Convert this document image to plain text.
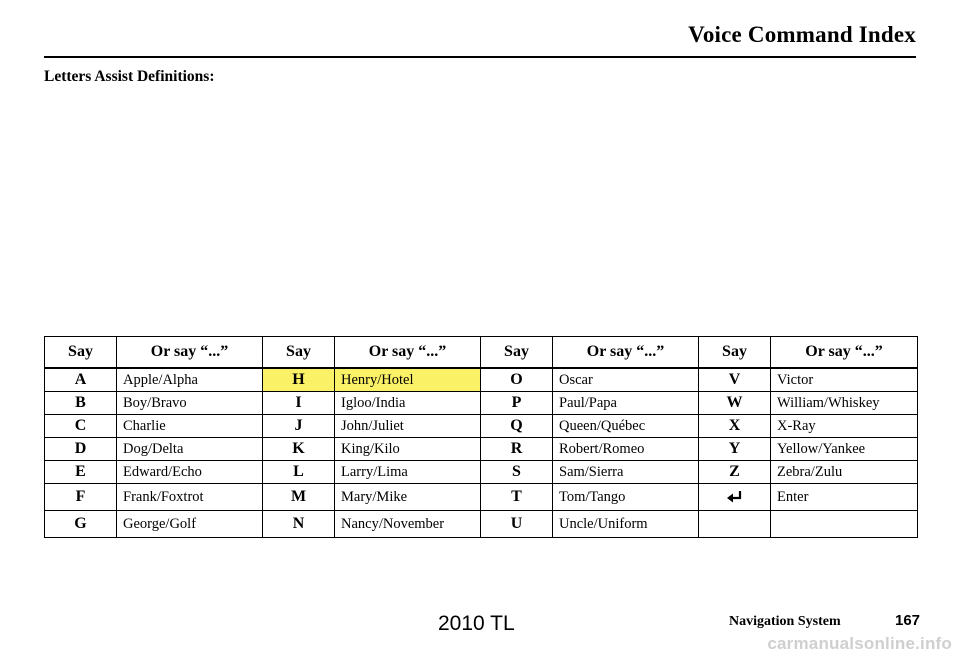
Voice Command Index
Letters Assist Definitions:
Say	Or say “...”	Say	Or say “...”	Say	Or say “...”	Say	Or say “...”
A	Apple/Alpha	H	Henry/Hotel	O	Oscar	V	Victor
B	Boy/Bravo	I	Igloo/India	P	Paul/Papa	W	William/Whiskey
C	Charlie	J	John/Juliet	Q	Queen/Québec	X	X-Ray
D	Dog/Delta	K	King/Kilo	R	Robert/Romeo	Y	Yellow/Yankee
E	Edward/Echo	L	Larry/Lima	S	Sam/Sierra	Z	Zebra/Zulu
F	Frank/Foxtrot	M	Mary/Mike	T	Tom/Tango		Enter
G	George/Golf	N	Nancy/November	U	Uncle/Uniform		
2010 TL	Navigation System	167
carmanualsonline.info
